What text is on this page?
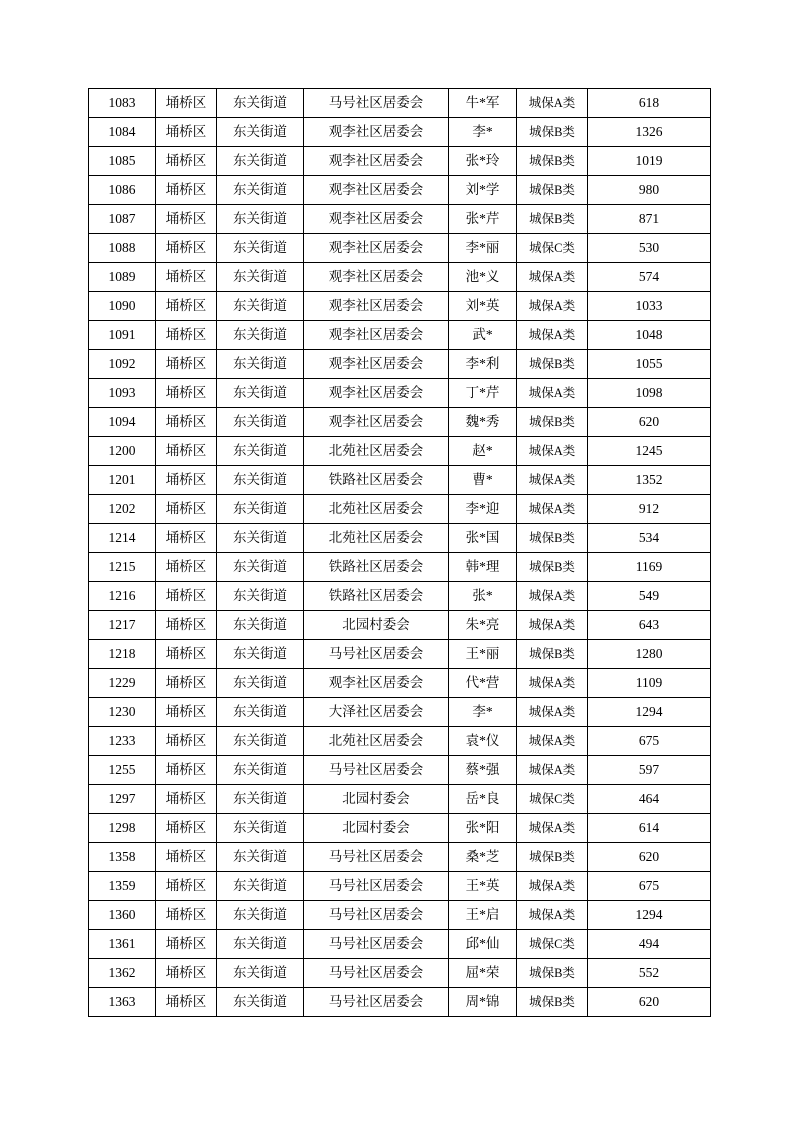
1083	埇桥区	东关街道	马号社区居委会	牛*军	城保A类	618
1084	埇桥区	东关街道	观李社区居委会	李*	城保B类	1326
1085	埇桥区	东关街道	观李社区居委会	张*玲	城保B类	1019
1086	埇桥区	东关街道	观李社区居委会	刘*学	城保B类	980
1087	埇桥区	东关街道	观李社区居委会	张*芹	城保B类	871
1088	埇桥区	东关街道	观李社区居委会	李*丽	城保C类	530
1089	埇桥区	东关街道	观李社区居委会	池*义	城保A类	574
1090	埇桥区	东关街道	观李社区居委会	刘*英	城保A类	1033
1091	埇桥区	东关街道	观李社区居委会	武*	城保A类	1048
1092	埇桥区	东关街道	观李社区居委会	李*利	城保B类	1055
1093	埇桥区	东关街道	观李社区居委会	丁*芹	城保A类	1098
1094	埇桥区	东关街道	观李社区居委会	魏*秀	城保B类	620
1200	埇桥区	东关街道	北苑社区居委会	赵*	城保A类	1245
1201	埇桥区	东关街道	铁路社区居委会	曹*	城保A类	1352
1202	埇桥区	东关街道	北苑社区居委会	李*迎	城保A类	912
1214	埇桥区	东关街道	北苑社区居委会	张*国	城保B类	534
1215	埇桥区	东关街道	铁路社区居委会	韩*理	城保B类	1169
1216	埇桥区	东关街道	铁路社区居委会	张*	城保A类	549
1217	埇桥区	东关街道	北园村委会	朱*亮	城保A类	643
1218	埇桥区	东关街道	马号社区居委会	王*丽	城保B类	1280
1229	埇桥区	东关街道	观李社区居委会	代*营	城保A类	1109
1230	埇桥区	东关街道	大泽社区居委会	李*	城保A类	1294
1233	埇桥区	东关街道	北苑社区居委会	袁*仪	城保A类	675
1255	埇桥区	东关街道	马号社区居委会	蔡*强	城保A类	597
1297	埇桥区	东关街道	北园村委会	岳*良	城保C类	464
1298	埇桥区	东关街道	北园村委会	张*阳	城保A类	614
1358	埇桥区	东关街道	马号社区居委会	桑*芝	城保B类	620
1359	埇桥区	东关街道	马号社区居委会	王*英	城保A类	675
1360	埇桥区	东关街道	马号社区居委会	王*启	城保A类	1294
1361	埇桥区	东关街道	马号社区居委会	邱*仙	城保C类	494
1362	埇桥区	东关街道	马号社区居委会	屈*荣	城保B类	552
1363	埇桥区	东关街道	马号社区居委会	周*锦	城保B类	620
